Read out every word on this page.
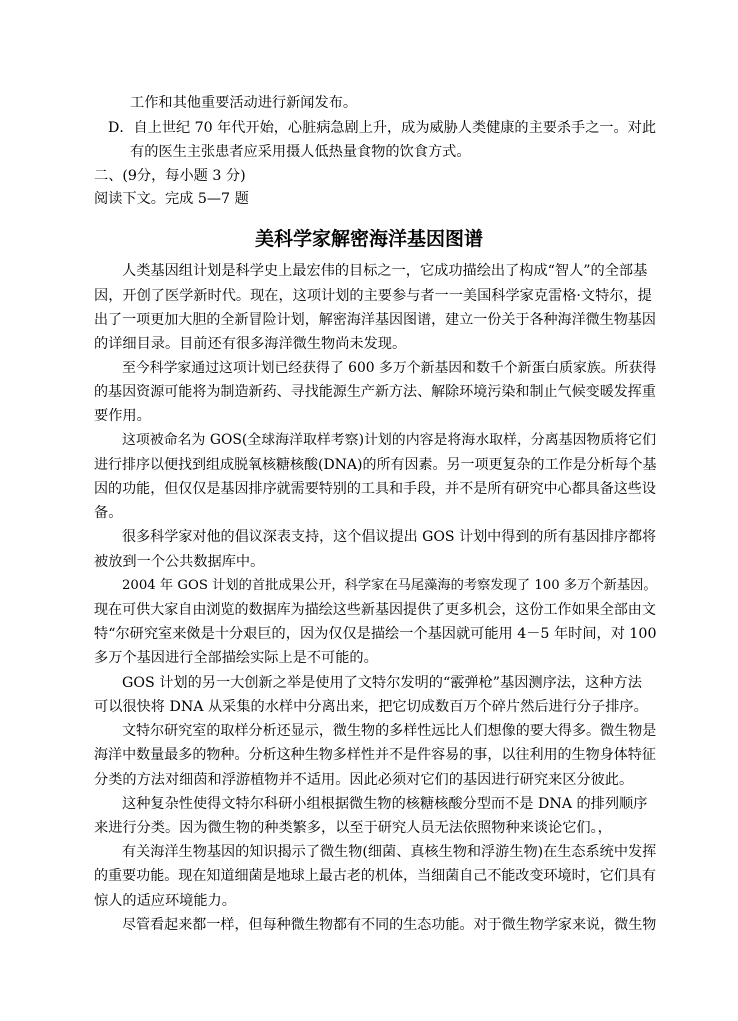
工作和其他重要活动进行新闻发布。
D．自上世纪 70 年代开始，心脏病急剧上升，成为威胁人类健康的主要杀手之一。对此
有的医生主张患者应采用摄人低热量食物的饮食方式。
二、(9分，每小题 3 分)
阅读下文。完成 5—7 题
美科学家解密海洋基因图谱
人类基因组计划是科学史上最宏伟的目标之一，它成功描绘出了构成“智人”的全部基
因，开创了医学新时代。现在，这项计划的主要参与者一一美国科学家克雷格·文特尔，提
出了一项更加大胆的全新冒险计划，解密海洋基因图谱，建立一份关于各种海洋微生物基因
的详细目录。目前还有很多海洋微生物尚未发现。
至今科学家通过这项计划已经获得了 600 多万个新基因和数千个新蛋白质家族。所获得
的基因资源可能将为制造新药、寻找能源生产新方法、解除环境污染和制止气候变暖发挥重
要作用。
这项被命名为 GOS(全球海洋取样考察)计划的内容是将海水取样，分离基因物质将它们
进行排序以便找到组成脱氧核糖核酸(DNA)的所有因素。另一项更复杂的工作是分析每个基
因的功能，但仅仅是基因排序就需要特别的工具和手段，并不是所有研究中心都具备这些设
备。
很多科学家对他的倡议深表支持，这个倡议提出 GOS 计划中得到的所有基因排序都将
被放到一个公共数据库中。
2004 年 GOS 计划的首批成果公开，科学家在马尾藻海的考察发现了 100 多万个新基因。
现在可供大家自由浏览的数据库为描绘这些新基因提供了更多机会，这份工作如果全部由文
特“尔研究室来傚是十分艰巨的，因为仅仅是描绘一个基因就可能用 4－5 年时间，对 100
多万个基因进行全部描绘实际上是不可能的。
GOS 计划的另一大创新之举是使用了文特尔发明的“霰弹枪”基因测序法，这种方法
可以很快将 DNA 从采集的水样中分离出来，把它切成数百万个碎片然后进行分子排序。
文特尔研究室的取样分析还显示，微生物的多样性远比人们想像的要大得多。微生物是
海洋中数量最多的物种。分析这种生物多样性并不是件容易的事，以往利用的生物身体特征
分类的方法对细茵和浮游植物并不适用。因此必须对它们的基因进行研究来区分彼此。
这种复杂性使得文特尔科研小组根据微生物的核糖核酸分型而不是 DNA 的排列顺序
来进行分类。因为微生物的种类繁多，以至于研究人员无法依照物种来谈论它们。，
有关海洋生物基因的知识揭示了微生物(细菌、真核生物和浮游生物)在生态系统中发挥
的重要功能。现在知道细菌是地球上最古老的机体，当细菌自己不能改变环境时，它们具有
惊人的适应环境能力。
尽管看起来都一样，但每种微生物都有不同的生态功能。对于微生物学家来说，微生物
